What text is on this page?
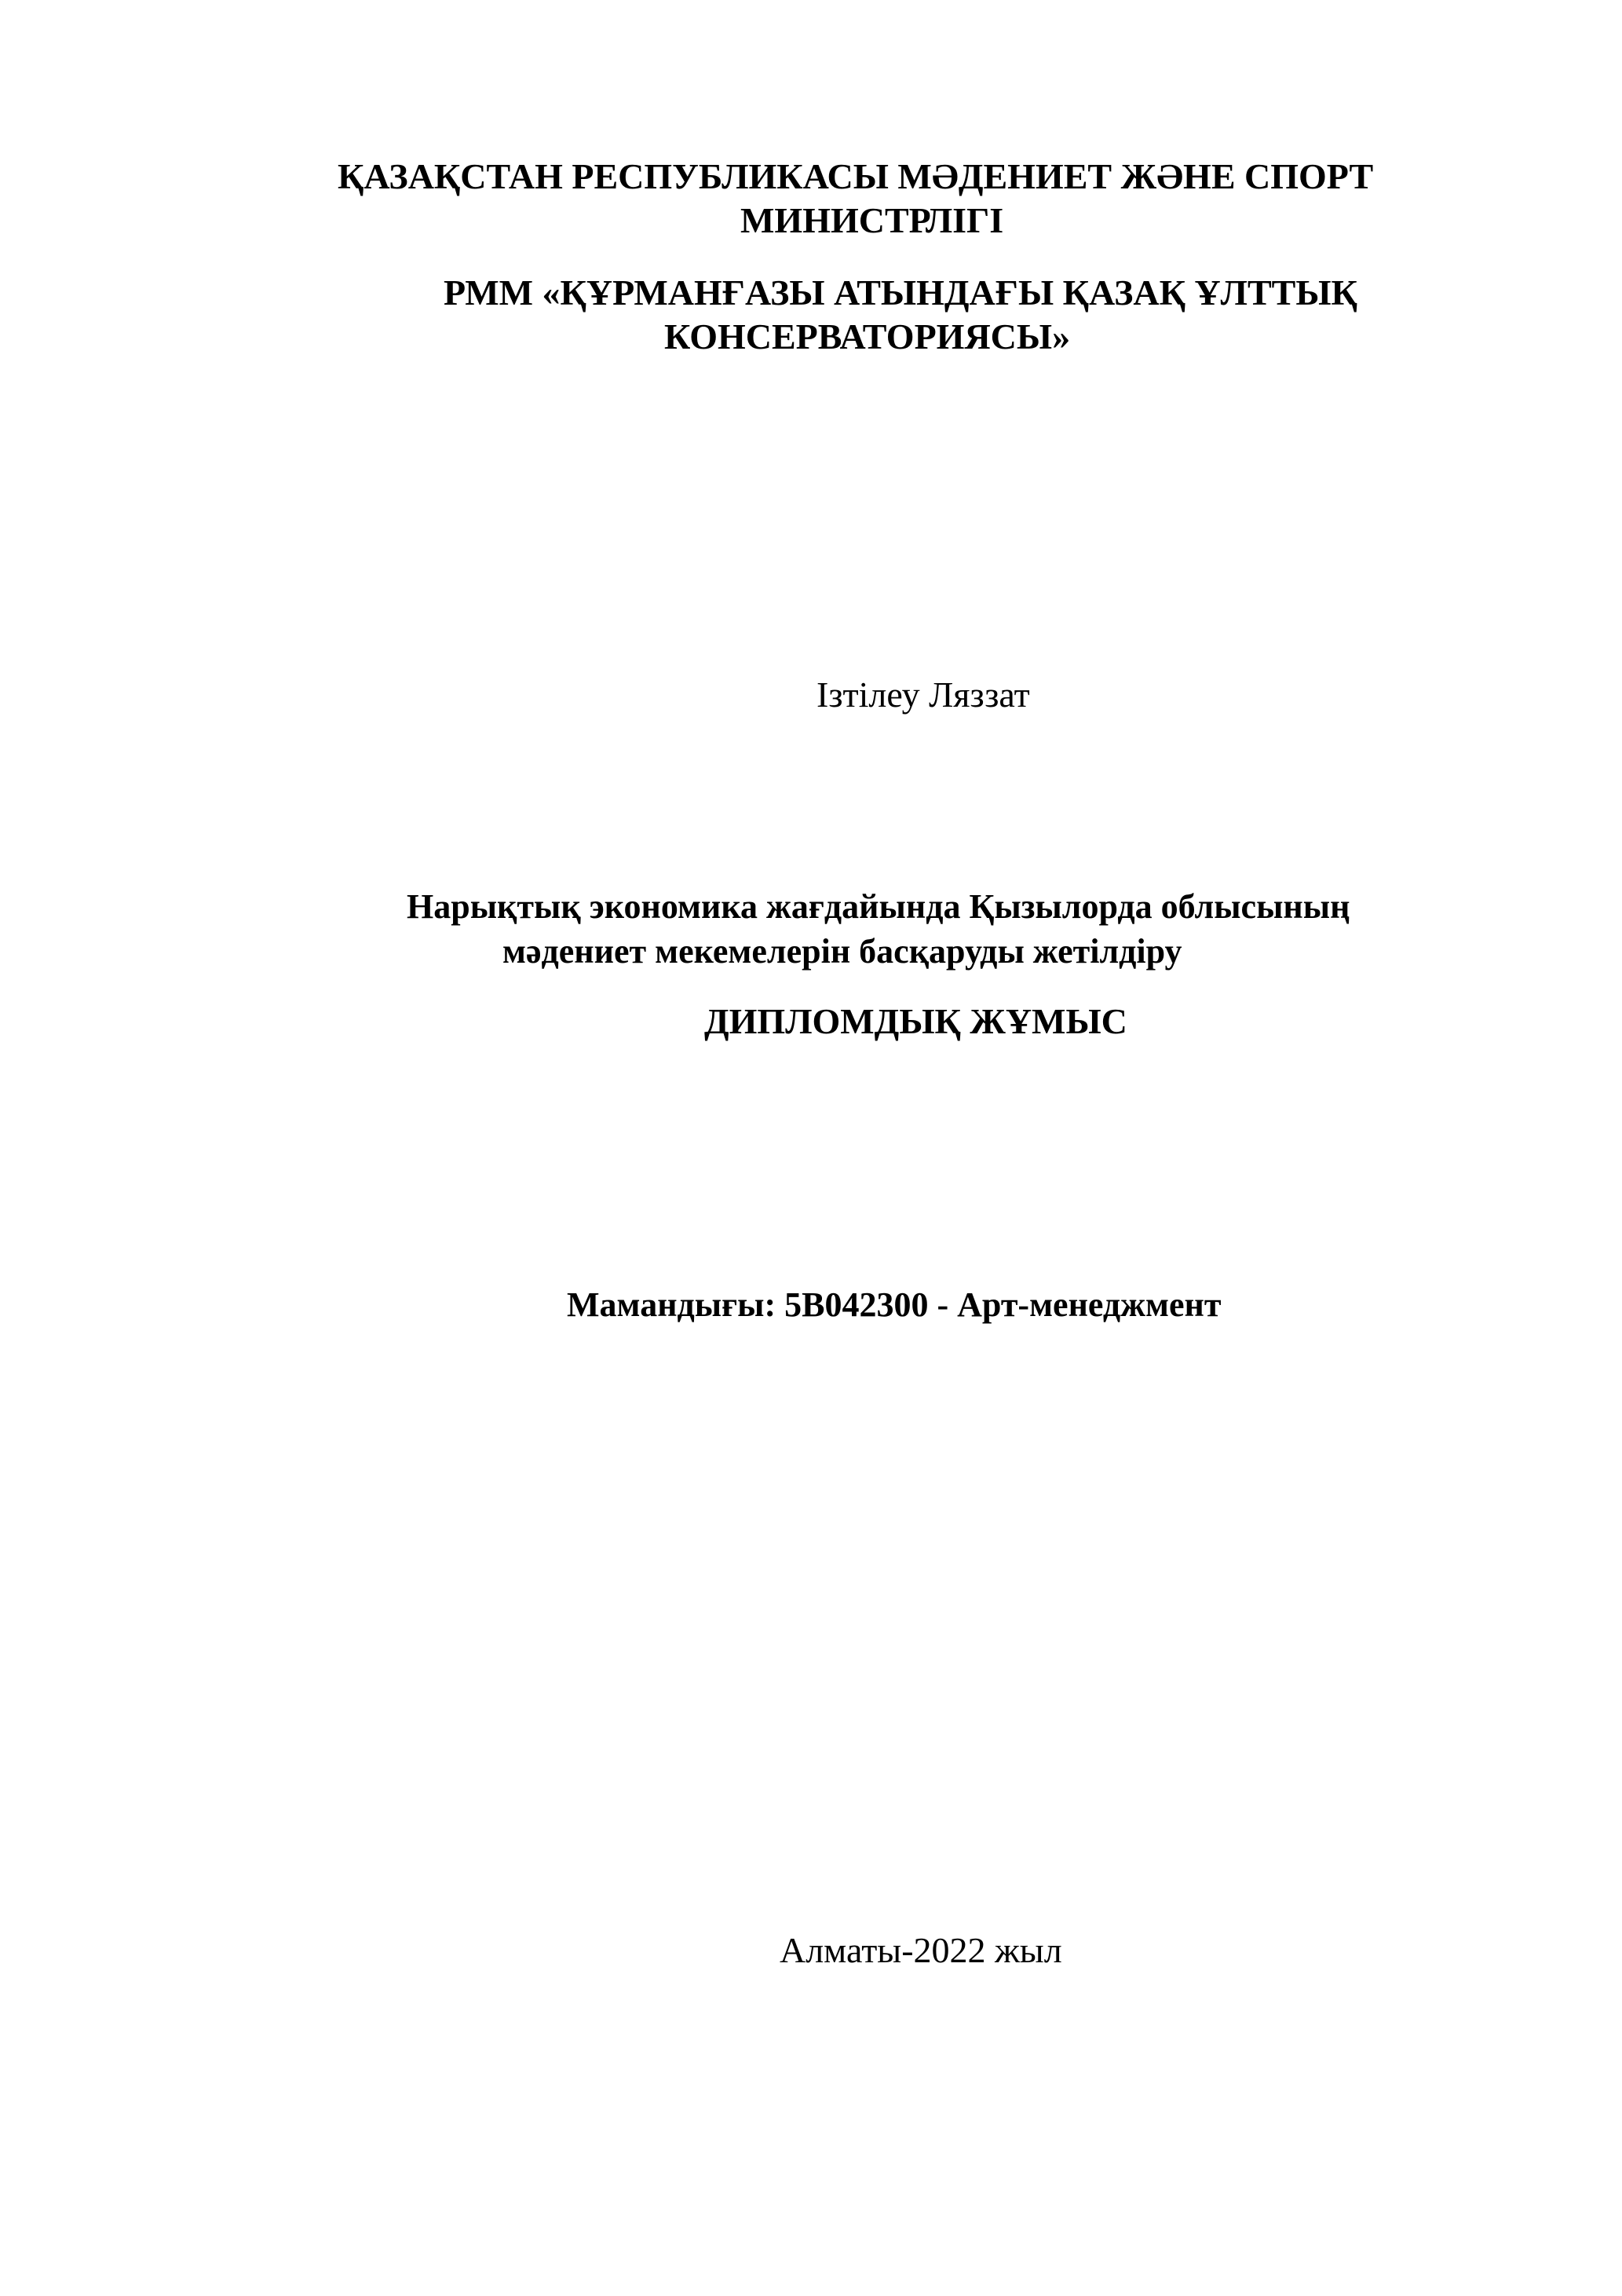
ҚАЗАҚСТАН РЕСПУБЛИКАСЫ МӘДЕНИЕТ ЖӘНЕ СПОРТ
МИНИСТРЛІГІ
РММ «ҚҰРМАНҒАЗЫ АТЫНДАҒЫ ҚАЗАҚ ҰЛТТЫҚ
КОНСЕРВАТОРИЯСЫ»
Ізтілеу Ляззат
Нарықтық экономика жағдайында Қызылорда облысының
мәдениет мекемелерін басқаруды жетілдіру
ДИПЛОМДЫҚ ЖҰМЫС
Мамандығы: 5В042300 - Арт-менеджмент
Алматы-2022 жыл
